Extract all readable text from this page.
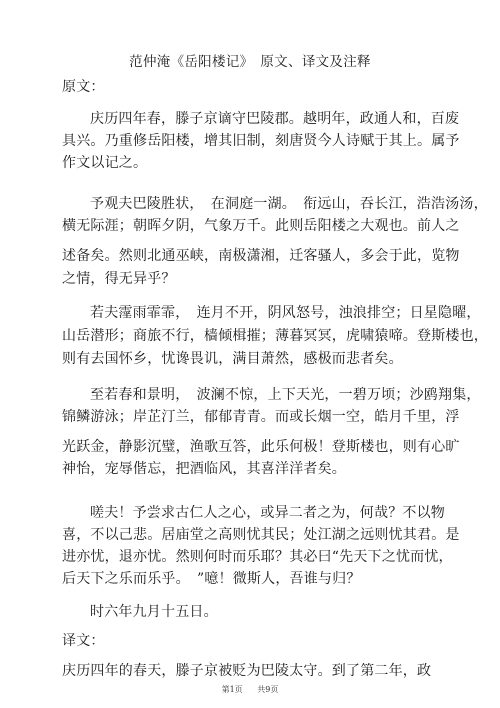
范仲淹《岳阳楼记》　原文、译文及注释
原文：
庆历四年春，滕子京谪守巴陵郡。越明年，政通人和，百废
具兴。乃重修岳阳楼，增其旧制，刻唐贤今人诗赋于其上。属予
作文以记之。
予观夫巴陵胜状，　在洞庭一湖。　衔远山，吞长江，浩浩汤汤，
横无际涯；朝晖夕阴，气象万千。此则岳阳楼之大观也。前人之
述备矣。然则北通巫峡，南极潇湘，迁客骚人，多会于此，览物
之情，得无异乎？
若夫霪雨霏霏，　连月不开，阴风怒号，浊浪排空；日星隐曜，
山岳潜形；商旅不行，樯倾楫摧；薄暮冥冥，虎啸猿啼。登斯楼也，
则有去国怀乡，忧谗畏讥，满目萧然，感极而悲者矣。
至若春和景明，　波澜不惊，上下天光，一碧万顷；沙鸥翔集，
锦鳞游泳；岸芷汀兰，郁郁青青。而或长烟一空，皓月千里，浮
光跃金，静影沉璧，渔歌互答，此乐何极！登斯楼也，则有心旷
神怡，宠辱偕忘，把酒临风，其喜洋洋者矣。
嗟夫！予尝求古仁人之心，或异二者之为，何哉？不以物
喜，不以己悲。居庙堂之高则忧其民；处江湖之远则忧其君。是
进亦忧，退亦忧。然则何时而乐耶？其必曰“先天下之忧而忧，
后天下之乐而乐乎。　”噫！微斯人，吾谁与归？
时六年九月十五日。
译文：
庆历四年的春天，滕子京被贬为巴陵太守。到了第二年，政
第1页 共9页
